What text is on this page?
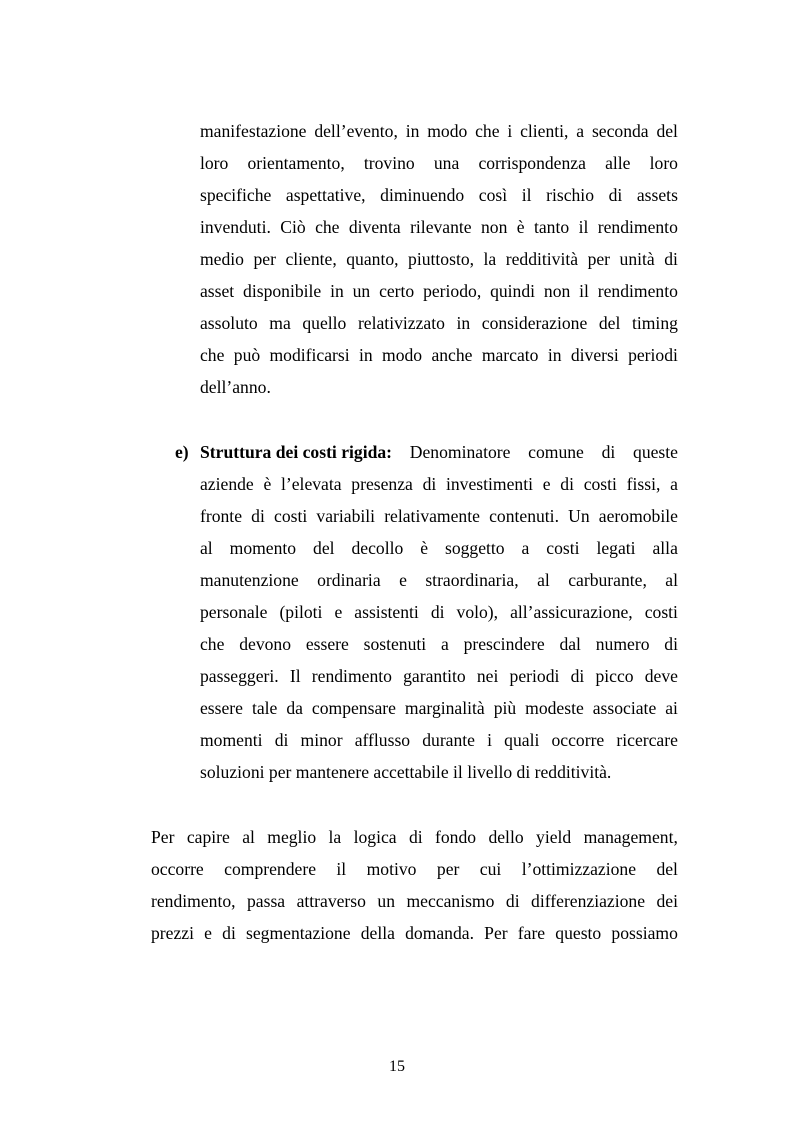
manifestazione dell’evento, in modo che i clienti, a seconda del
loro orientamento, trovino una corrispondenza alle loro
specifiche aspettative, diminuendo così il rischio di assets
invenduti. Ciò che diventa rilevante non è tanto il rendimento
medio per cliente, quanto, piuttosto, la redditività per unità di
asset disponibile in un certo periodo, quindi non il rendimento
assoluto ma quello relativizzato in considerazione del timing
che può modificarsi in modo anche marcato in diversi periodi
dell’anno.
e) Struttura dei costi rigida: Denominatore comune di queste
aziende è l’elevata presenza di investimenti e di costi fissi, a
fronte di costi variabili relativamente contenuti. Un aeromobile
al momento del decollo è soggetto a costi legati alla
manutenzione ordinaria e straordinaria, al carburante, al
personale (piloti e assistenti di volo), all’assicurazione, costi
che devono essere sostenuti a prescindere dal numero di
passeggeri. Il rendimento garantito nei periodi di picco deve
essere tale da compensare marginalità più modeste associate ai
momenti di minor afflusso durante i quali occorre ricercare
soluzioni per mantenere accettabile il livello di redditività.
Per capire al meglio la logica di fondo dello yield management,
occorre comprendere il motivo per cui l’ottimizzazione del
rendimento, passa attraverso un meccanismo di differenziazione dei
prezzi e di segmentazione della domanda. Per fare questo possiamo
15
